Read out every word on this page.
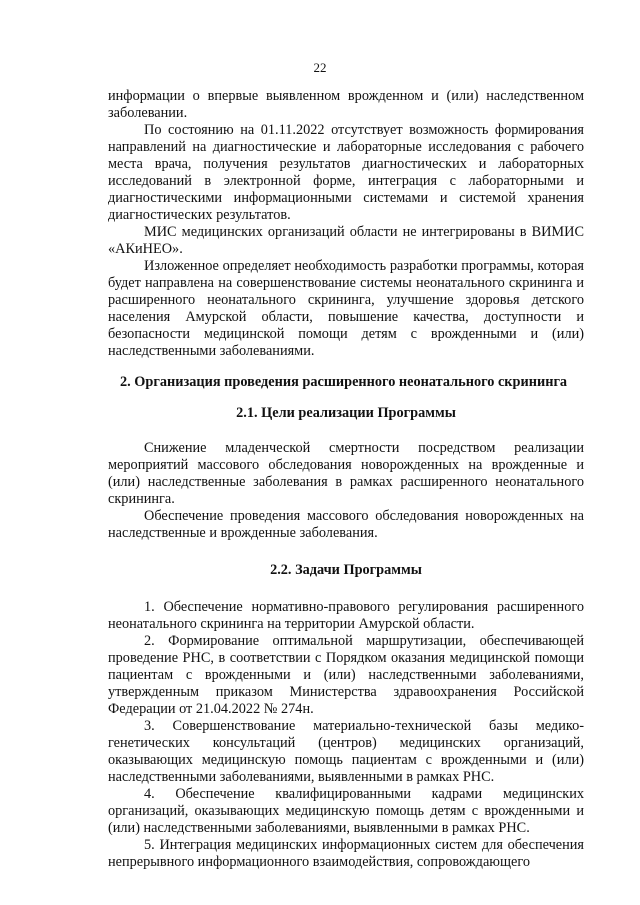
22

информации о впервые выявленном врожденном и (или) наследственном заболевании.

По состоянию на 01.11.2022 отсутствует возможность формирования направлений на диагностические и лабораторные исследования с рабочего места врача, получения результатов диагностических и лабораторных исследований в электронной форме, интеграция с лабораторными и диагностическими информационными системами и системой хранения диагностических результатов.

МИС медицинских организаций области не интегрированы в ВИМИС «АКиНЕО».

Изложенное определяет необходимость разработки программы, которая будет направлена на совершенствование системы неонатального скрининга и расширенного неонатального скрининга, улучшение здоровья детского населения Амурской области, повышение качества, доступности и безопасности медицинской помощи детям с врожденными и (или) наследственными заболеваниями.

2. Организация проведения расширенного неонатального скрининга
2.1. Цели реализации Программы

Снижение младенческой смертности посредством реализации мероприятий массового обследования новорожденных на врожденные и (или) наследственные заболевания в рамках расширенного неонатального скрининга.

Обеспечение проведения массового обследования новорожденных на наследственные и врожденные заболевания.

2.2. Задачи Программы

1. Обеспечение нормативно-правового регулирования расширенного неонатального скрининга на территории Амурской области.

2. Формирование оптимальной маршрутизации, обеспечивающей проведение РНС, в соответствии с Порядком оказания медицинской помощи пациентам с врожденными и (или) наследственными заболеваниями, утвержденным приказом Министерства здравоохранения Российской Федерации от 21.04.2022 № 274н.

3. Совершенствование материально-технической базы медико-генетических консультаций (центров) медицинских организаций, оказывающих медицинскую помощь пациентам с врожденными и (или) наследственными заболеваниями, выявленными в рамках РНС.

4. Обеспечение квалифицированными кадрами медицинских организаций, оказывающих медицинскую помощь детям с врожденными и (или) наследственными заболеваниями, выявленными в рамках РНС.

5. Интеграция медицинских информационных систем для обеспечения непрерывного информационного взаимодействия, сопровождающего
